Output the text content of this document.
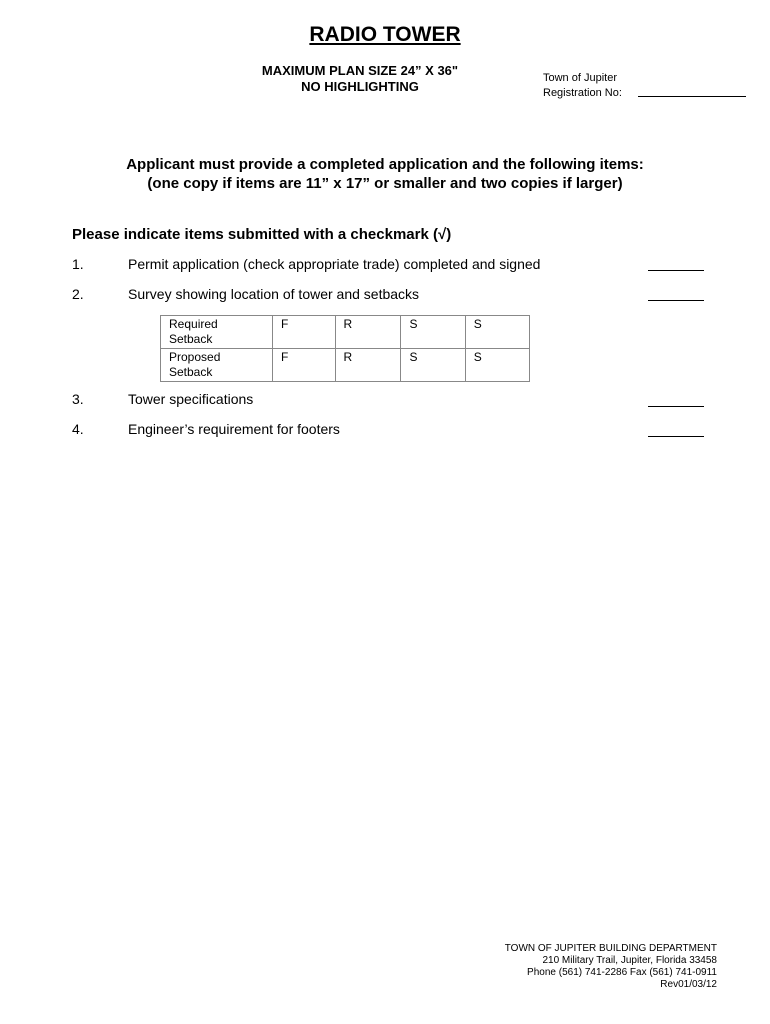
RADIO TOWER
MAXIMUM PLAN SIZE 24” X 36"
NO HIGHLIGHTING
Town of Jupiter
Registration No:
Applicant must provide a completed application and the following items:
(one copy if items are 11” x 17” or smaller and two copies if larger)
Please indicate items submitted with a checkmark (√)
1.	Permit application (check appropriate trade) completed and signed
2.	Survey showing location of tower and setbacks
Required
Setback	F	R	S	S

Proposed
Setback	F	R	S	S
3.	Tower specifications
4.	Engineer’s requirement for footers
TOWN OF JUPITER BUILDING DEPARTMENT
210 Military Trail, Jupiter, Florida 33458
Phone (561) 741-2286 Fax (561) 741-0911
Rev01/03/12
